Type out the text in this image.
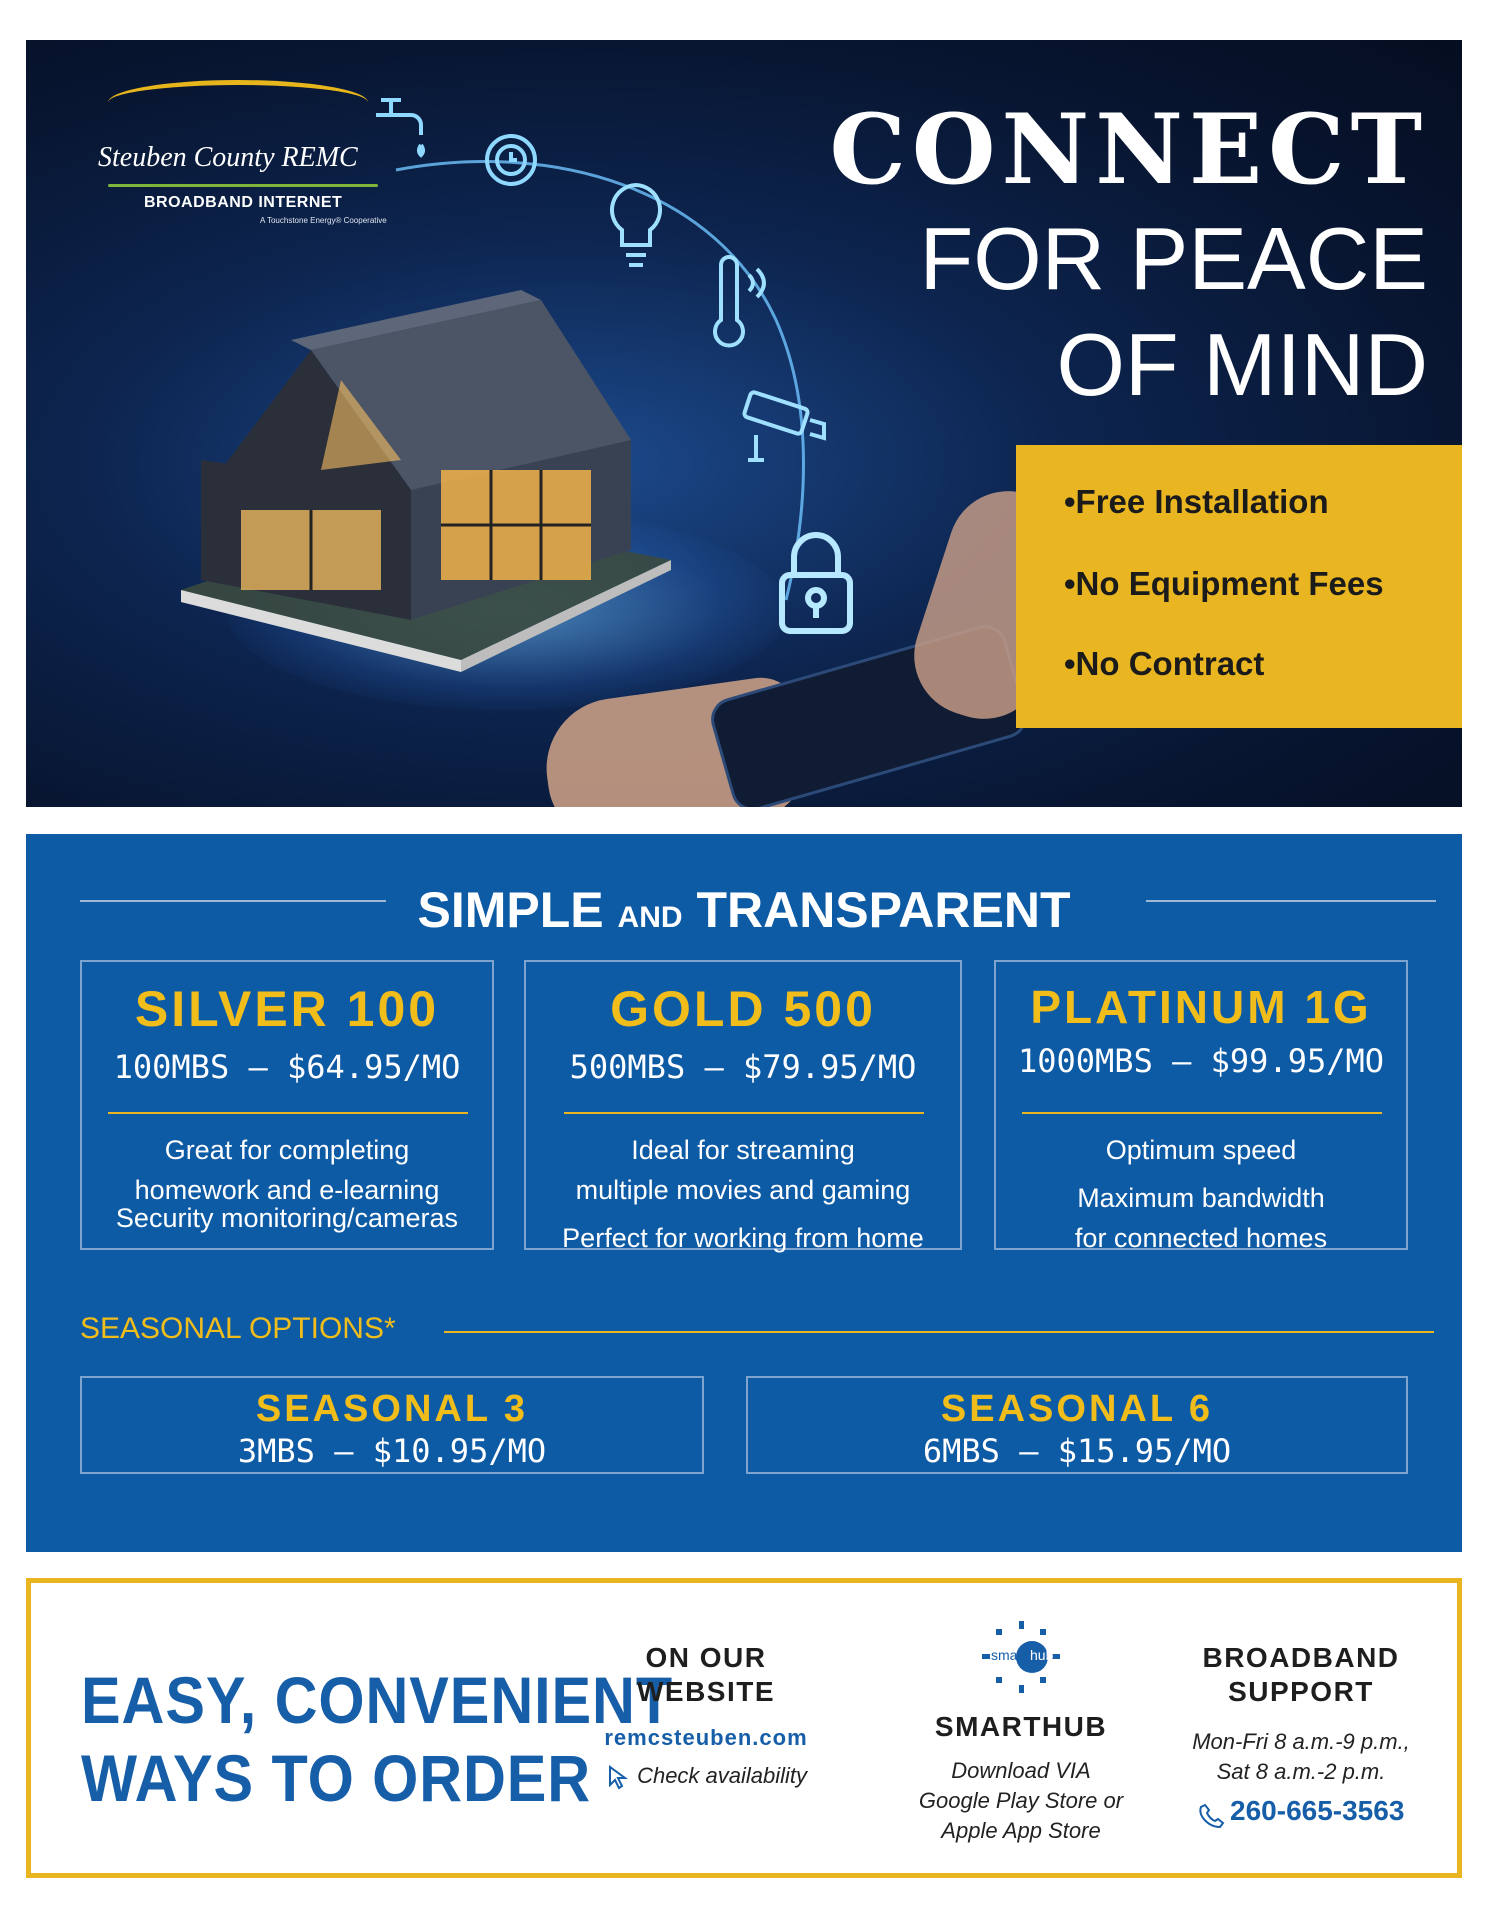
Steuben County REMC
BROADBAND INTERNET
A Touchstone Energy® Cooperative
CONNECT
FOR PEACE
OF MIND
•Free Installation
•No Equipment Fees
•No Contract
SIMPLE AND TRANSPARENT
SILVER 100
100MBS — $64.95/MO
Great for completing
homework and e-learning
Security monitoring/cameras
GOLD 500
500MBS — $79.95/MO
Ideal for streaming
multiple movies and gaming
Perfect for working from home
PLATINUM 1G
1000MBS — $99.95/MO
Optimum speed
Maximum bandwidth
for connected homes
SEASONAL OPTIONS*
SEASONAL 3
3MBS — $10.95/MO
SEASONAL 6
6MBS — $15.95/MO
EASY, CONVENIENT
WAYS TO ORDER
ON OUR
WEBSITE
remcsteuben.com
Check availability
smart hub
SMARTHUB
Download VIA
Google Play Store or
Apple App Store
BROADBAND
SUPPORT
Mon-Fri 8 a.m.-9 p.m.,
Sat 8 a.m.-2 p.m.
260-665-3563
